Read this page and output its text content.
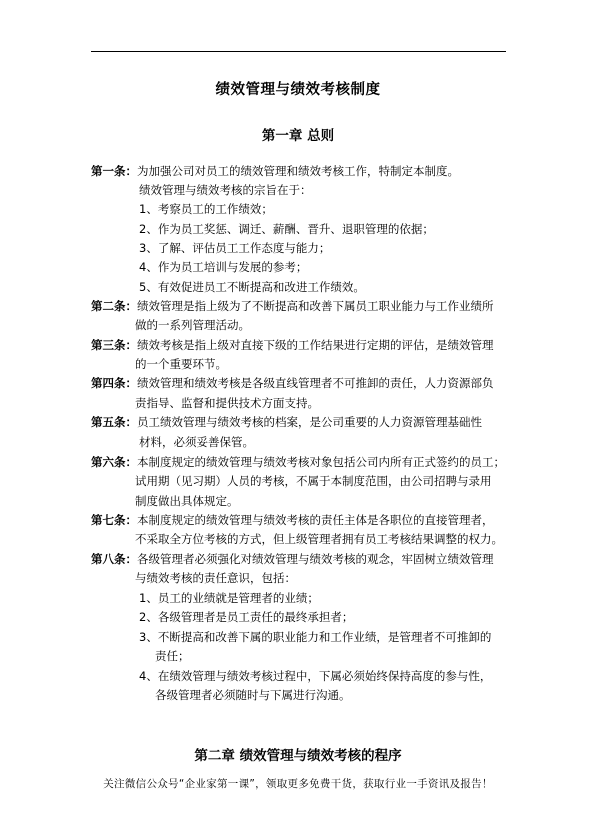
绩效管理与绩效考核制度
第一章 总则
第一条：为加强公司对员工的绩效管理和绩效考核工作，特制定本制度。
绩效管理与绩效考核的宗旨在于：
1、考察员工的工作绩效；
2、作为员工奖惩、调迁、薪酬、晋升、退职管理的依据；
3、了解、评估员工工作态度与能力；
4、作为员工培训与发展的参考；
5、有效促进员工不断提高和改进工作绩效。
第二条：绩效管理是指上级为了不断提高和改善下属员工职业能力与工作业绩所
做的一系列管理活动。
第三条：绩效考核是指上级对直接下级的工作结果进行定期的评估，是绩效管理
的一个重要环节。
第四条：绩效管理和绩效考核是各级直线管理者不可推卸的责任，人力资源部负
责指导、监督和提供技术方面支持。
第五条：员工绩效管理与绩效考核的档案，是公司重要的人力资源管理基础性
材料，必须妥善保管。
第六条：本制度规定的绩效管理与绩效考核对象包括公司内所有正式签约的员工；
试用期（见习期）人员的考核，不属于本制度范围，由公司招聘与录用
制度做出具体规定。
第七条：本制度规定的绩效管理与绩效考核的责任主体是各职位的直接管理者，
不采取全方位考核的方式，但上级管理者拥有员工考核结果调整的权力。
第八条：各级管理者必须强化对绩效管理与绩效考核的观念，牢固树立绩效管理
与绩效考核的责任意识，包括：
1、员工的业绩就是管理者的业绩；
2、各级管理者是员工责任的最终承担者；
3、不断提高和改善下属的职业能力和工作业绩，是管理者不可推卸的
责任；
4、在绩效管理与绩效考核过程中，下属必须始终保持高度的参与性，
各级管理者必须随时与下属进行沟通。
第二章 绩效管理与绩效考核的程序
关注微信公众号“企业家第一课”，领取更多免费干货，获取行业一手资讯及报告！
